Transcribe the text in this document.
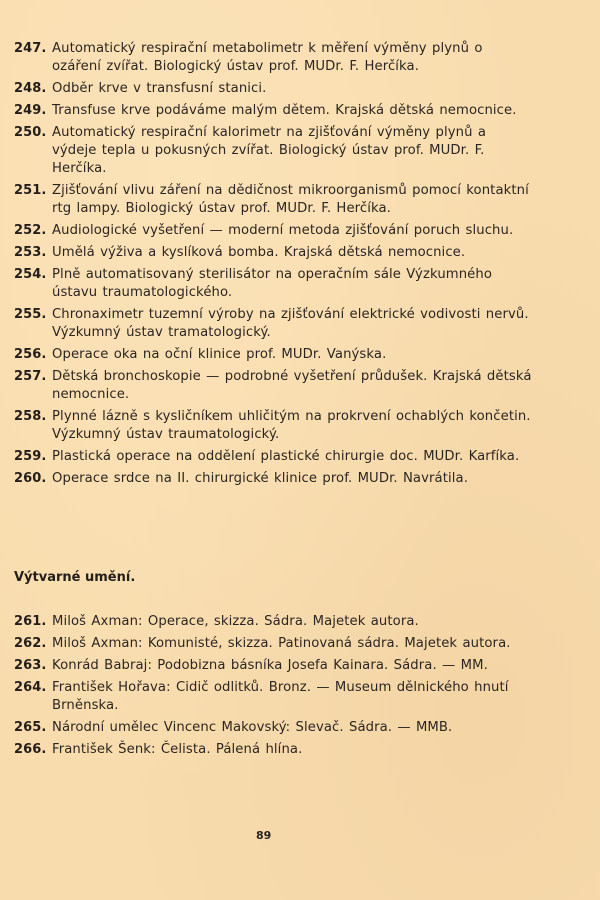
247. Automatický respirační metabolimetr k měření výměny plynů o ozáření zvířat. Biologický ústav prof. MUDr. F. Herčíka.
248. Odběr krve v transfusní stanici.
249. Transfuse krve podáváme malým dětem. Krajská dětská nemocnice.
250. Automatický respirační kalorimetr na zjišťování výměny plynů a výdeje tepla u pokusných zvířat. Biologický ústav prof. MUDr. F. Herčíka.
251. Zjišťování vlivu záření na dědičnost mikroorganismů pomocí kontaktní rtg lampy. Biologický ústav prof. MUDr. F. Herčíka.
252. Audiologické vyšetření — moderní metoda zjišťování poruch sluchu.
253. Umělá výživa a kyslíková bomba. Krajská dětská nemocnice.
254. Plně automatisovaný sterilisátor na operačním sále Výzkumného ústavu traumatologického.
255. Chronaximetr tuzemní výroby na zjišťování elektrické vodivosti nervů. Výzkumný ústav tramatologický.
256. Operace oka na oční klinice prof. MUDr. Vanýska.
257. Dětská bronchoskopie — podrobné vyšetření průdušek. Krajská dětská nemocnice.
258. Plynné lázně s kysličníkem uhličitým na prokrvení ochablých končetin. Výzkumný ústav traumatologický.
259. Plastická operace na oddělení plastické chirurgie doc. MUDr. Karfíka.
260. Operace srdce na II. chirurgické klinice prof. MUDr. Navrátila.
Výtvarné umění.
261. Miloš Axman: Operace, skizza. Sádra. Majetek autora.
262. Miloš Axman: Komunisté, skizza. Patinovaná sádra. Majetek autora.
263. Konrád Babraj: Podobizna básníka Josefa Kainara. Sádra. — MM.
264. František Hořava: Cidič odlitků. Bronz. — Museum dělnického hnutí Brněnska.
265. Národní umělec Vincenc Makovský: Slevač. Sádra. — MMB.
266. František Šenk: Čelista. Pálená hlína.
89
